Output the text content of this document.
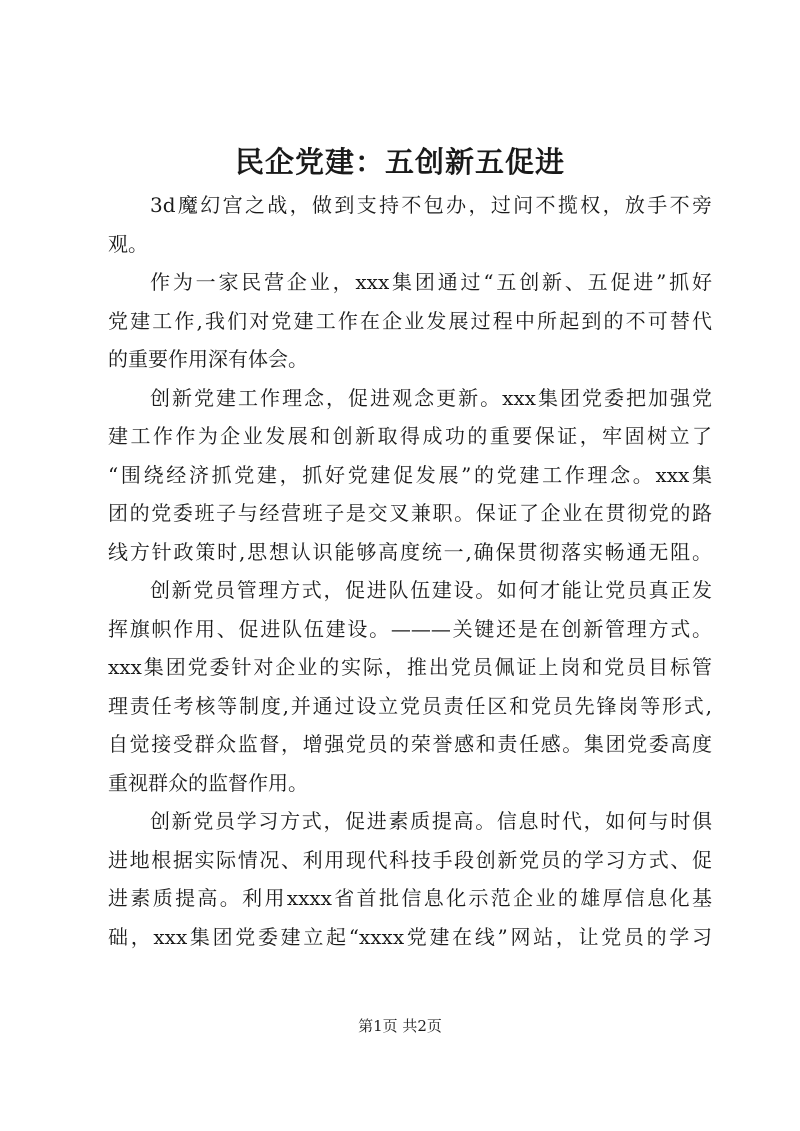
民企党建：五创新五促进
3d魔幻宫之战，做到支持不包办，过问不揽权，放手不旁
观。
作为一家民营企业，xxx集团通过“五创新、五促进”抓好
党建工作,我们对党建工作在企业发展过程中所起到的不可替代
的重要作用深有体会。
创新党建工作理念，促进观念更新。xxx集团党委把加强党
建工作作为企业发展和创新取得成功的重要保证，牢固树立了
“围绕经济抓党建，抓好党建促发展”的党建工作理念。xxx集
团的党委班子与经营班子是交叉兼职。保证了企业在贯彻党的路
线方针政策时,思想认识能够高度统一,确保贯彻落实畅通无阻。
创新党员管理方式，促进队伍建设。如何才能让党员真正发
挥旗帜作用、促进队伍建设。———关键还是在创新管理方式。
xxx集团党委针对企业的实际，推出党员佩证上岗和党员目标管
理责任考核等制度,并通过设立党员责任区和党员先锋岗等形式,
自觉接受群众监督，增强党员的荣誉感和责任感。集团党委高度
重视群众的监督作用。
创新党员学习方式，促进素质提高。信息时代，如何与时俱
进地根据实际情况、利用现代科技手段创新党员的学习方式、促
进素质提高。利用xxxx省首批信息化示范企业的雄厚信息化基
础，xxx集团党委建立起“xxxx党建在线”网站，让党员的学习
第1页 共2页
